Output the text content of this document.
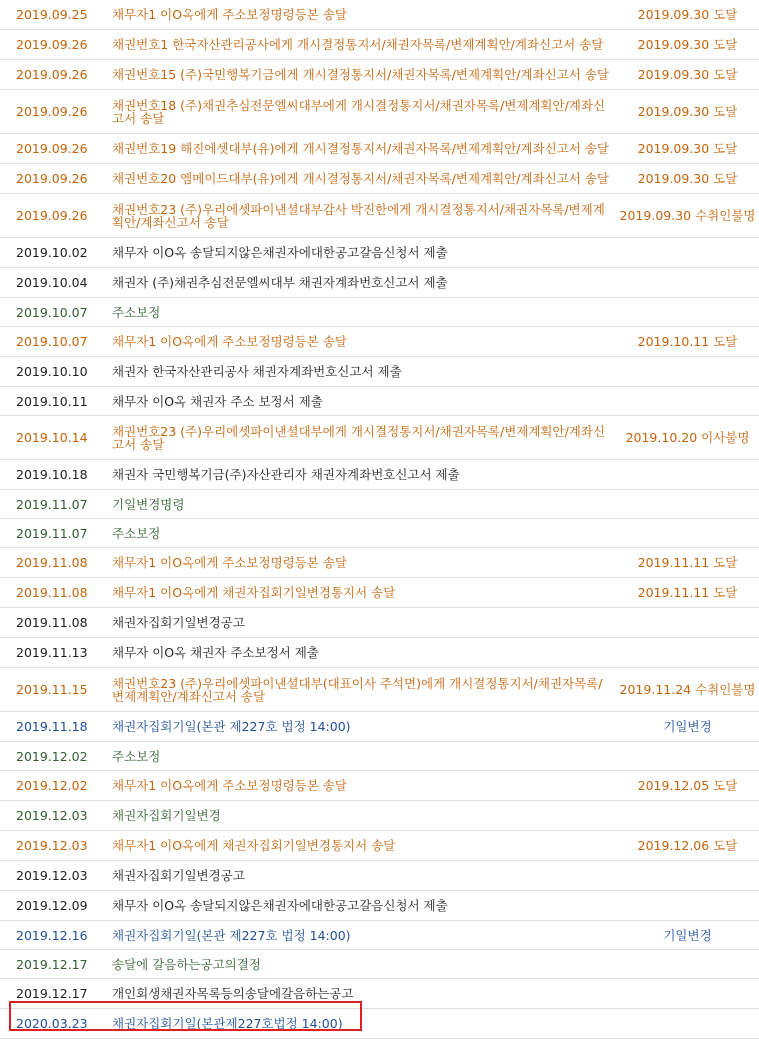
2019.09.25	채무자1 이O옥에게 주소보정명령등본 송달	2019.09.30 도달
2019.09.26	채권번호1 한국자산관리공사에게 개시결정통지서/채권자목록/변제계획안/계좌신고서 송달	2019.09.30 도달
2019.09.26	채권번호15 (주)국민행복기금에게 개시결정통지서/채권자목록/변제계획안/계좌신고서 송달	2019.09.30 도달
2019.09.26	채권번호18 (주)채권추심전문엘씨대부에게 개시결정통지서/채권자목록/변제계획안/계좌신고서 송달	2019.09.30 도달
2019.09.26	채권번호19 해진에셋대부(유)에게 개시결정통지서/채권자목록/변제계획안/계좌신고서 송달	2019.09.30 도달
2019.09.26	채권번호20 엠메이드대부(유)에게 개시결정통지서/채권자목록/변제계획안/계좌신고서 송달	2019.09.30 도달
2019.09.26	채권번호23 (주)우리에셋파이낸셜대부감사 박진한에게 개시결정통지서/채권자목록/변제계획안/계좌신고서 송달	2019.09.30 수취인불명
2019.10.02	채무자 이O옥 송달되지않은채권자에대한공고갈음신청서 제출
2019.10.04	채권자 (주)채권추심전문엘씨대부 채권자계좌번호신고서 제출
2019.10.07	주소보정
2019.10.07	채무자1 이O옥에게 주소보정명령등본 송달	2019.10.11 도달
2019.10.10	채권자 한국자산관리공사 채권자계좌번호신고서 제출
2019.10.11	채무자 이O옥 채권자 주소 보정서 제출
2019.10.14	채권번호23 (주)우리에셋파이낸셜대부에게 개시결정통지서/채권자목록/변제계획안/계좌신고서 송달	2019.10.20 이사불명
2019.10.18	채권자 국민행복기금(주)자산관리자 채권자계좌번호신고서 제출
2019.11.07	기일변경명령
2019.11.07	주소보정
2019.11.08	채무자1 이O옥에게 주소보정명령등본 송달	2019.11.11 도달
2019.11.08	채무자1 이O옥에게 채권자집회기일변경통지서 송달	2019.11.11 도달
2019.11.08	채권자집회기일변경공고
2019.11.13	채무자 이O옥 채권자 주소보정서 제출
2019.11.15	채권번호23 (주)우리에셋파이낸셜대부(대표이사 주석면)에게 개시결정통지서/채권자목록/변제계획안/계좌신고서 송달	2019.11.24 수취인불명
2019.11.18	채권자집회기일(본관 제227호 법정 14:00)	기일변경
2019.12.02	주소보정
2019.12.02	채무자1 이O옥에게 주소보정명령등본 송달	2019.12.05 도달
2019.12.03	채권자집회기일변경
2019.12.03	채무자1 이O옥에게 채권자집회기일변경통지서 송달	2019.12.06 도달
2019.12.03	채권자집회기일변경공고
2019.12.09	채무자 이O옥 송달되지않은채권자에대한공고갈음신청서 제출
2019.12.16	채권자집회기일(본관 제227호 법정 14:00)	기일변경
2019.12.17	송달에 갈음하는공고의결정
2019.12.17	개인회생채권자목록등의송달에갈음하는공고
2020.03.23	채권자집회기일(본관제227호법정 14:00)
